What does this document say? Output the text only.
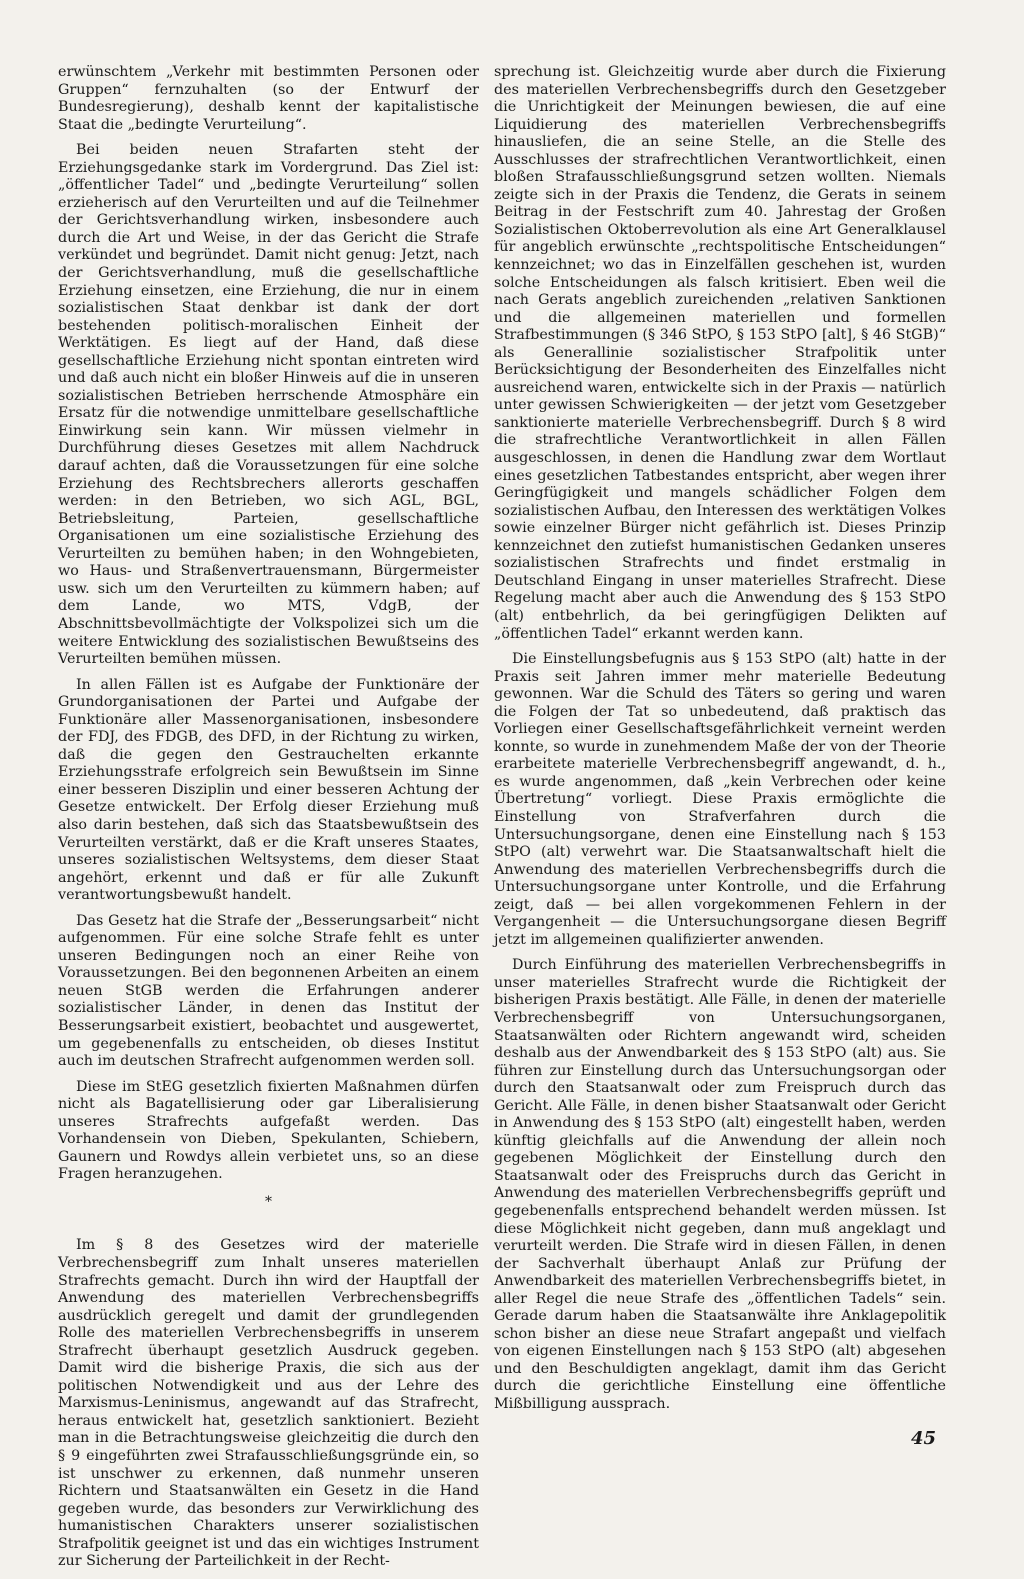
erwünschtem „Verkehr mit bestimmten Personen oder Gruppen“ fernzuhalten (so der Entwurf der Bundesregierung), deshalb kennt der kapitalistische Staat die „bedingte Verurteilung“.

Bei beiden neuen Strafarten steht der Erziehungsgedanke stark im Vordergrund. Das Ziel ist: „öffentlicher Tadel“ und „bedingte Verurteilung“ sollen erzieherisch auf den Verurteilten und auf die Teilnehmer der Gerichtsverhandlung wirken, insbesondere auch durch die Art und Weise, in der das Gericht die Strafe verkündet und begründet. Damit nicht genug: Jetzt, nach der Gerichtsverhandlung, muß die gesellschaftliche Erziehung einsetzen, eine Erziehung, die nur in einem sozialistischen Staat denkbar ist dank der dort bestehenden politisch-moralischen Einheit der Werktätigen. Es liegt auf der Hand, daß diese gesellschaftliche Erziehung nicht spontan eintreten wird und daß auch nicht ein bloßer Hinweis auf die in unseren sozialistischen Betrieben herrschende Atmosphäre ein Ersatz für die notwendige unmittelbare gesellschaftliche Einwirkung sein kann. Wir müssen vielmehr in Durchführung dieses Gesetzes mit allem Nachdruck darauf achten, daß die Voraussetzungen für eine solche Erziehung des Rechtsbrechers allerorts geschaffen werden: in den Betrieben, wo sich AGL, BGL, Betriebsleitung, Parteien, gesellschaftliche Organisationen um eine sozialistische Erziehung des Verurteilten zu bemühen haben; in den Wohngebieten, wo Haus- und Straßenvertrauensmann, Bürgermeister usw. sich um den Verurteilten zu kümmern haben; auf dem Lande, wo MTS, VdgB, der Abschnittsbevollmächtigte der Volkspolizei sich um die weitere Entwicklung des sozialistischen Bewußtseins des Verurteilten bemühen müssen.

In allen Fällen ist es Aufgabe der Funktionäre der Grundorganisationen der Partei und Aufgabe der Funktionäre aller Massenorganisationen, insbesondere der FDJ, des FDGB, des DFD, in der Richtung zu wirken, daß die gegen den Gestrauchelten erkannte Erziehungsstrafe erfolgreich sein Bewußtsein im Sinne einer besseren Disziplin und einer besseren Achtung der Gesetze entwickelt. Der Erfolg dieser Erziehung muß also darin bestehen, daß sich das Staatsbewußtsein des Verurteilten verstärkt, daß er die Kraft unseres Staates, unseres sozialistischen Weltsystems, dem dieser Staat angehört, erkennt und daß er für alle Zukunft verantwortungsbewußt handelt.

Das Gesetz hat die Strafe der „Besserungsarbeit“ nicht aufgenommen. Für eine solche Strafe fehlt es unter unseren Bedingungen noch an einer Reihe von Voraussetzungen. Bei den begonnenen Arbeiten an einem neuen StGB werden die Erfahrungen anderer sozialistischer Länder, in denen das Institut der Besserungsarbeit existiert, beobachtet und ausgewertet, um gegebenenfalls zu entscheiden, ob dieses Institut auch im deutschen Strafrecht aufgenommen werden soll.

Diese im StEG gesetzlich fixierten Maßnahmen dürfen nicht als Bagatellisierung oder gar Liberalisierung unseres Strafrechts aufgefaßt werden. Das Vorhandensein von Dieben, Spekulanten, Schiebern, Gaunern und Rowdys allein verbietet uns, so an diese Fragen heranzugehen.

*

Im § 8 des Gesetzes wird der materielle Verbrechensbegriff zum Inhalt unseres materiellen Strafrechts gemacht. Durch ihn wird der Hauptfall der Anwendung des materiellen Verbrechensbegriffs ausdrücklich geregelt und damit der grundlegenden Rolle des materiellen Verbrechensbegriffs in unserem Strafrecht überhaupt gesetzlich Ausdruck gegeben. Damit wird die bisherige Praxis, die sich aus der politischen Notwendigkeit und aus der Lehre des Marxismus-Leninismus, angewandt auf das Strafrecht, heraus entwickelt hat, gesetzlich sanktioniert. Bezieht man in die Betrachtungsweise gleichzeitig die durch den § 9 eingeführten zwei Strafausschließungsgründe ein, so ist unschwer zu erkennen, daß nunmehr unseren Richtern und Staatsanwälten ein Gesetz in die Hand gegeben wurde, das besonders zur Verwirklichung des humanistischen Charakters unserer sozialistischen Strafpolitik geeignet ist und das ein wichtiges Instrument zur Sicherung der Parteilichkeit in der Recht-

sprechung ist. Gleichzeitig wurde aber durch die Fixierung des materiellen Verbrechensbegriffs durch den Gesetzgeber die Unrichtigkeit der Meinungen bewiesen, die auf eine Liquidierung des materiellen Verbrechensbegriffs hinausliefen, die an seine Stelle, an die Stelle des Ausschlusses der strafrechtlichen Verantwortlichkeit, einen bloßen Strafausschließungsgrund setzen wollten. Niemals zeigte sich in der Praxis die Tendenz, die Gerats in seinem Beitrag in der Festschrift zum 40. Jahrestag der Großen Sozialistischen Oktoberrevolution als eine Art Generalklausel für angeblich erwünschte „rechtspolitische Entscheidungen“ kennzeichnet; wo das in Einzelfällen geschehen ist, wurden solche Entscheidungen als falsch kritisiert. Eben weil die nach Gerats angeblich zureichenden „relativen Sanktionen und die allgemeinen materiellen und formellen Strafbestimmungen (§ 346 StPO, § 153 StPO [alt], § 46 StGB)“ als Generallinie sozialistischer Strafpolitik unter Berücksichtigung der Besonderheiten des Einzelfalles nicht ausreichend waren, entwickelte sich in der Praxis — natürlich unter gewissen Schwierigkeiten — der jetzt vom Gesetzgeber sanktionierte materielle Verbrechensbegriff. Durch § 8 wird die strafrechtliche Verantwortlichkeit in allen Fällen ausgeschlossen, in denen die Handlung zwar dem Wortlaut eines gesetzlichen Tatbestandes entspricht, aber wegen ihrer Geringfügigkeit und mangels schädlicher Folgen dem sozialistischen Aufbau, den Interessen des werktätigen Volkes sowie einzelner Bürger nicht gefährlich ist. Dieses Prinzip kennzeichnet den zutiefst humanistischen Gedanken unseres sozialistischen Strafrechts und findet erstmalig in Deutschland Eingang in unser materielles Strafrecht. Diese Regelung macht aber auch die Anwendung des § 153 StPO (alt) entbehrlich, da bei geringfügigen Delikten auf „öffentlichen Tadel“ erkannt werden kann.

Die Einstellungsbefugnis aus § 153 StPO (alt) hatte in der Praxis seit Jahren immer mehr materielle Bedeutung gewonnen. War die Schuld des Täters so gering und waren die Folgen der Tat so unbedeutend, daß praktisch das Vorliegen einer Gesellschaftsgefährlichkeit verneint werden konnte, so wurde in zunehmendem Maße der von der Theorie erarbeitete materielle Verbrechensbegriff angewandt, d. h., es wurde angenommen, daß „kein Verbrechen oder keine Übertretung“ vorliegt. Diese Praxis ermöglichte die Einstellung von Strafverfahren durch die Untersuchungsorgane, denen eine Einstellung nach § 153 StPO (alt) verwehrt war. Die Staatsanwaltschaft hielt die Anwendung des materiellen Verbrechensbegriffs durch die Untersuchungsorgane unter Kontrolle, und die Erfahrung zeigt, daß — bei allen vorgekommenen Fehlern in der Vergangenheit — die Untersuchungsorgane diesen Begriff jetzt im allgemeinen qualifizierter anwenden.

Durch Einführung des materiellen Verbrechensbegriffs in unser materielles Strafrecht wurde die Richtigkeit der bisherigen Praxis bestätigt. Alle Fälle, in denen der materielle Verbrechensbegriff von Untersuchungsorganen, Staatsanwälten oder Richtern angewandt wird, scheiden deshalb aus der Anwendbarkeit des § 153 StPO (alt) aus. Sie führen zur Einstellung durch das Untersuchungsorgan oder durch den Staatsanwalt oder zum Freispruch durch das Gericht. Alle Fälle, in denen bisher Staatsanwalt oder Gericht in Anwendung des § 153 StPO (alt) eingestellt haben, werden künftig gleichfalls auf die Anwendung der allein noch gegebenen Möglichkeit der Einstellung durch den Staatsanwalt oder des Freispruchs durch das Gericht in Anwendung des materiellen Verbrechensbegriffs geprüft und gegebenenfalls entsprechend behandelt werden müssen. Ist diese Möglichkeit nicht gegeben, dann muß angeklagt und verurteilt werden. Die Strafe wird in diesen Fällen, in denen der Sachverhalt überhaupt Anlaß zur Prüfung der Anwendbarkeit des materiellen Verbrechensbegriffs bietet, in aller Regel die neue Strafe des „öffentlichen Tadels“ sein. Gerade darum haben die Staatsanwälte ihre Anklagepolitik schon bisher an diese neue Strafart angepaßt und vielfach von eigenen Einstellungen nach § 153 StPO (alt) abgesehen und den Beschuldigten angeklagt, damit ihm das Gericht durch die gerichtliche Einstellung eine öffentliche Mißbilligung aussprach.

45
